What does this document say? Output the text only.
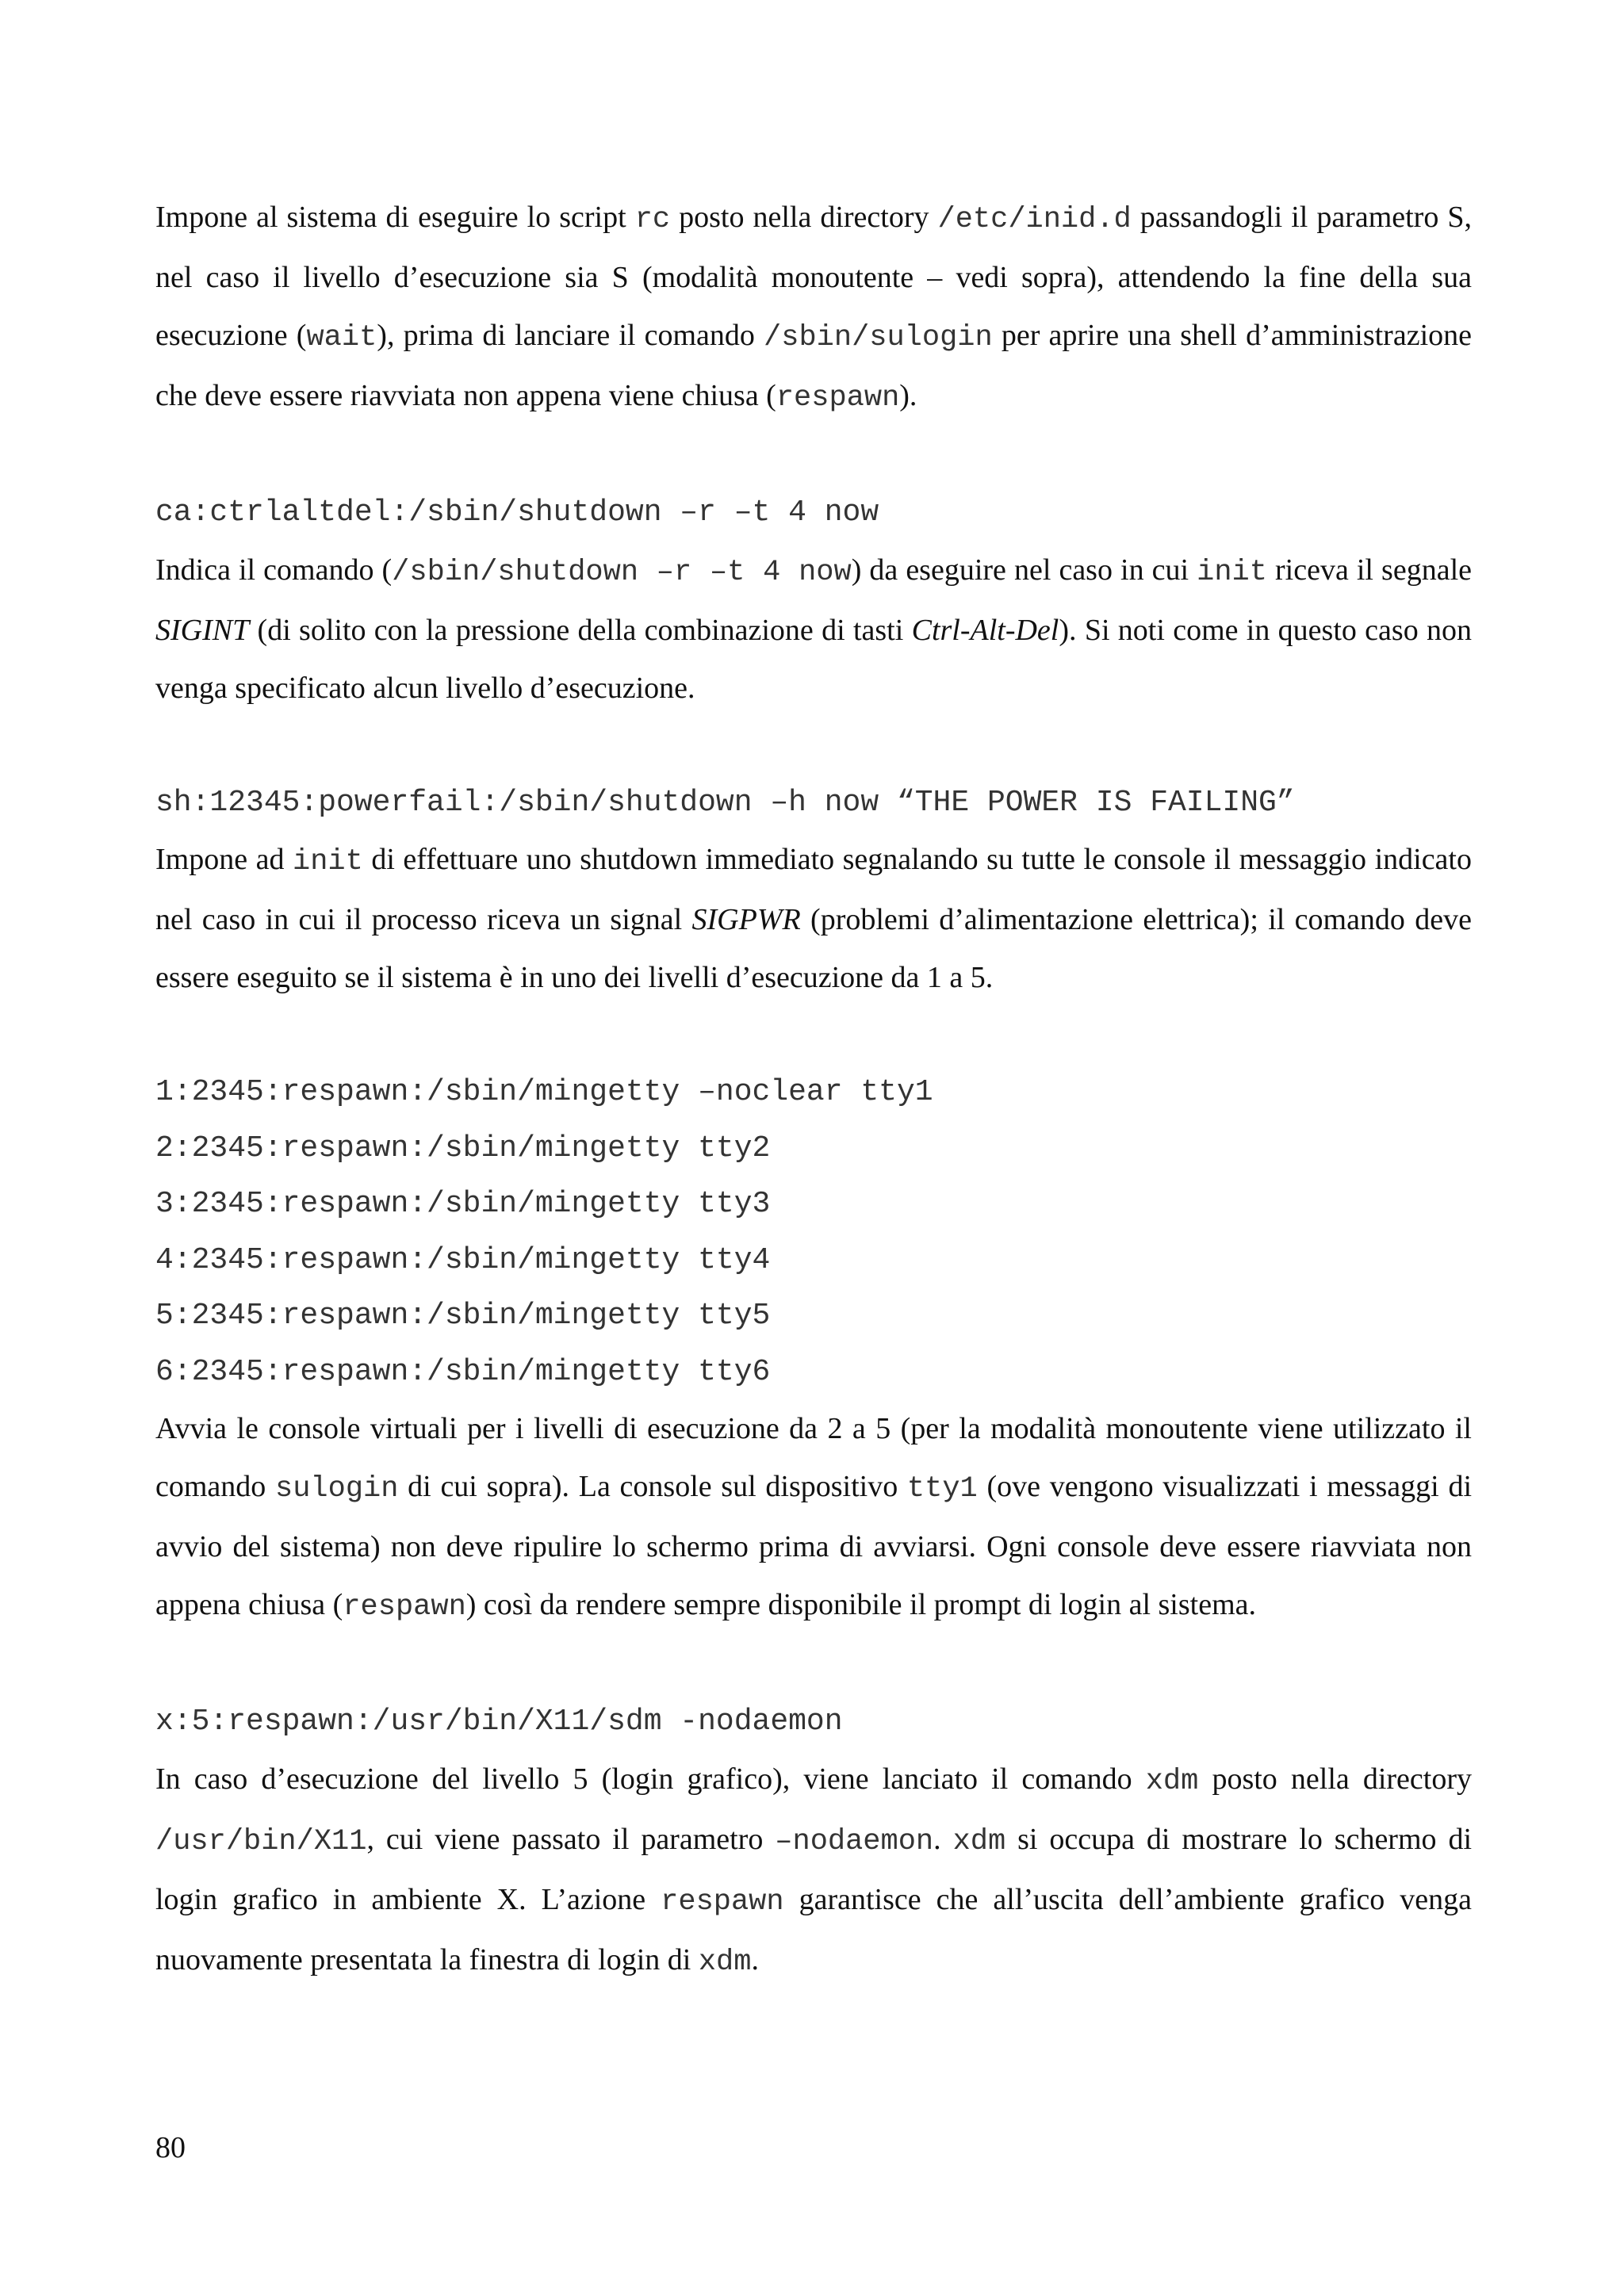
Impone al sistema di eseguire lo script rc posto nella directory /etc/inid.d passandogli il parametro S, nel caso il livello d’esecuzione sia S (modalità monoutente – vedi sopra), attendendo la fine della sua esecuzione (wait), prima di lanciare il comando /sbin/sulogin per aprire una shell d’amministrazione che deve essere riavviata non appena viene chiusa (respawn).

ca:ctrlaltdel:/sbin/shutdown –r –t 4 now

Indica il comando (/sbin/shutdown –r –t 4 now) da eseguire nel caso in cui init riceva il segnale SIGINT (di solito con la pressione della combinazione di tasti Ctrl-Alt-Del). Si noti come in questo caso non venga specificato alcun livello d’esecuzione.

sh:12345:powerfail:/sbin/shutdown –h now “THE POWER IS FAILING”

Impone ad init di effettuare uno shutdown immediato segnalando su tutte le console il messaggio indicato nel caso in cui il processo riceva un signal SIGPWR (problemi d’alimentazione elettrica); il comando deve essere eseguito se il sistema è in uno dei livelli d’esecuzione da 1 a 5.

1:2345:respawn:/sbin/mingetty –noclear tty1

2:2345:respawn:/sbin/mingetty tty2

3:2345:respawn:/sbin/mingetty tty3

4:2345:respawn:/sbin/mingetty tty4

5:2345:respawn:/sbin/mingetty tty5

6:2345:respawn:/sbin/mingetty tty6

Avvia le console virtuali per i livelli di esecuzione da 2 a 5 (per la modalità monoutente viene utilizzato il comando sulogin di cui sopra). La console sul dispositivo tty1 (ove vengono visualizzati i messaggi di avvio del sistema) non deve ripulire lo schermo prima di avviarsi. Ogni console deve essere riavviata non appena chiusa (respawn) così da rendere sempre disponibile il prompt di login al sistema.

x:5:respawn:/usr/bin/X11/sdm -nodaemon

In caso d’esecuzione del livello 5 (login grafico), viene lanciato il comando xdm posto nella directory /usr/bin/X11, cui viene passato il parametro –nodaemon. xdm si occupa di mostrare lo schermo di login grafico in ambiente X. L’azione respawn garantisce che all’uscita dell’ambiente grafico venga nuovamente presentata la finestra di login di xdm.

80
